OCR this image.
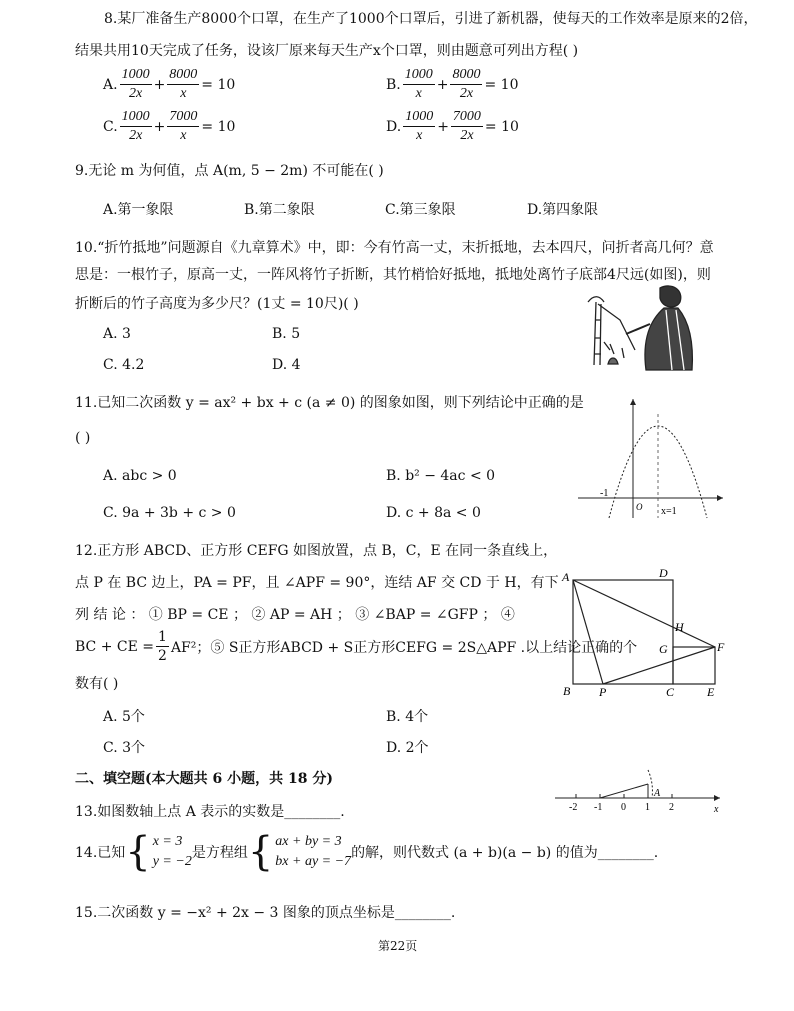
8.某厂准备生产8000个口罩，在生产了1000个口罩后，引进了新机器，使每天的工作效率是原来的2倍，
结果共用10天完成了任务，设该厂原来每天生产x个口罩，则由题意可列出方程( )
A. $\frac{1000}{2x} + \frac{8000}{x} = 10$	B. $\frac{1000}{x} + \frac{8000}{2x} = 10$
C. $\frac{1000}{2x} + \frac{7000}{x} = 10$	D. $\frac{1000}{x} + \frac{7000}{2x} = 10$
9.无论 m 为何值，点 A(m, 5 − 2m) 不可能在( )
A.第一象限	B.第二象限	C.第三象限	D.第四象限
10.“折竹抵地”问题源自《九章算术》中，即：今有竹高一丈，末折抵地，去本四尺，问折者高几何？意
思是：一根竹子，原高一丈，一阵风将竹子折断，其竹梢恰好抵地，抵地处离竹子底部4尺远(如图)，则
折断后的竹子高度为多少尺？(1丈 = 10尺)( )
A. 3	B. 5
C. 4.2	D. 4
11.已知二次函数 y = ax² + bx + c (a ≠ 0) 的图象如图，则下列结论中正确的是
( )
A. abc > 0	B. b² − 4ac < 0
C. 9a + 3b + c > 0	D. c + 8a < 0
-1
O x=1
12.正方形 ABCD、正方形 CEFG 如图放置，点 B，C，E 在同一条直线上，
点 P 在 BC 边上，PA = PF，且 ∠APF = 90°，连结 AF 交 CD 于 H，有下
列 结 论 ： ① BP = CE ； ② AP = AH ； ③ ∠BAP = ∠GFP ； ④
BC + CE = $\frac{1}{2} AF^2$；⑤ S正方形ABCD + S正方形CEFG = 2S△APF .以上结论正确的个
数有( )
A. 5个	B. 4个
C. 3个	D. 2个
A	D
H
G	F
B P	C	E
二、填空题(本大题共 6 小题，共 18 分)
13.如图数轴上点 A 表示的实数是________.
A
-2 -1 0 1 2	x
14.已知 { x = 3
y = −2
是方程组 { ax + by = 3
bx + ay = −7
的解，则代数式 (a + b)(a − b) 的值为________.
15.二次函数 y = −x² + 2x − 3 图象的顶点坐标是________.
第22页
